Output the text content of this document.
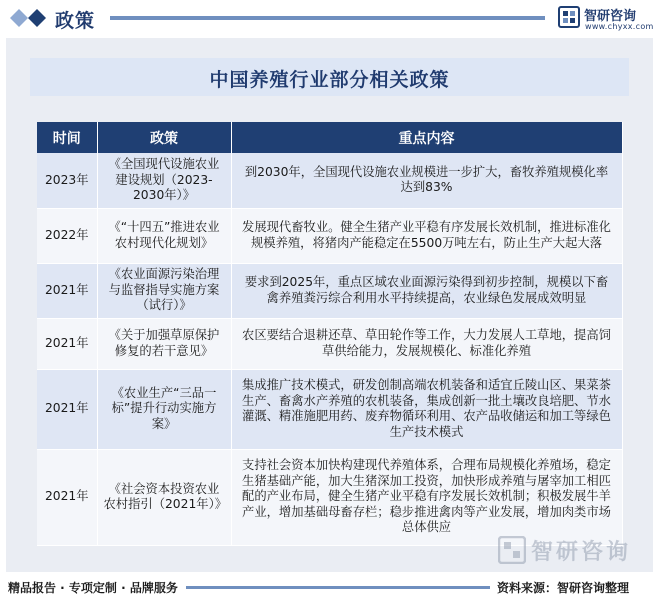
政策	智研咨询
www.chyxx.com
中国养殖行业部分相关政策
时间	政策	重点内容
2023年	《全国现代设施农业建设规划（2023-2030年）》	到2030年，全国现代设施农业规模进一步扩大，畜牧养殖规模化率达到83%
2022年	《“十四五”推进农业农村现代化规划》	发展现代畜牧业。健全生猪产业平稳有序发展长效机制，推进标准化规模养殖，将猪肉产能稳定在5500万吨左右，防止生产大起大落
2021年	《农业面源污染治理与监督指导实施方案（试行）》	要求到2025年，重点区域农业面源污染得到初步控制，规模以下畜禽养殖粪污综合利用水平持续提高，农业绿色发展成效明显
2021年	《关于加强草原保护修复的若干意见》	农区要结合退耕还草、草田轮作等工作，大力发展人工草地，提高饲草供给能力，发展规模化、标准化养殖
2021年	《农业生产“三品一标”提升行动实施方案》	集成推广技术模式，研发创制高端农机装备和适宜丘陵山区、果菜茶生产、畜禽水产养殖的农机装备，集成创新一批土壤改良培肥、节水灌溉、精准施肥用药、废弃物循环利用、农产品收储运和加工等绿色生产技术模式
2021年	《社会资本投资农业农村指引（2021年）》	支持社会资本加快构建现代养殖体系，合理布局规模化养殖场，稳定生猪基础产能，加大生猪深加工投资，加快形成养殖与屠宰加工相匹配的产业布局，健全生猪产业平稳有序发展长效机制；积极发展牛羊产业，增加基础母畜存栏；稳步推进禽肉等产业发展，增加肉类市场总体供应
智研咨询
精品报告 · 专项定制 · 品牌服务	资料来源：智研咨询整理
